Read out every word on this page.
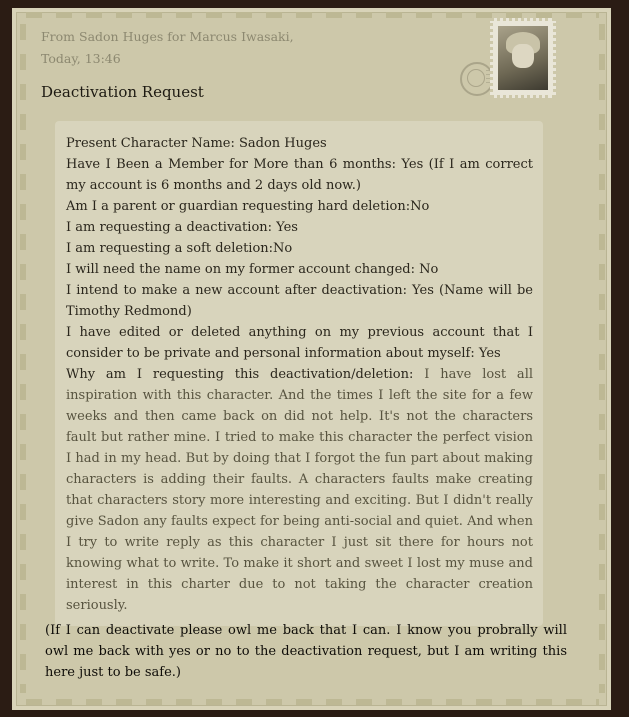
From Sadon Huges for Marcus Iwasaki,
Today, 13:46
Deactivation Request

Present Character Name: Sadon Huges

Have I Been a Member for More than 6 months: Yes (If I am correct my account is 6 months and 2 days old now.)

Am I a parent or guardian requesting hard deletion:No

I am requesting a deactivation: Yes

I am requesting a soft deletion:No

I will need the name on my former account changed: No

I intend to make a new account after deactivation: Yes (Name will be Timothy Redmond)

I have edited or deleted anything on my previous account that I consider to be private and personal information about myself: Yes

Why am I requesting this deactivation/deletion: I have lost all inspiration with this character. And the times I left the site for a few weeks and then came back on did not help. It's not the characters fault but rather mine. I tried to make this character the perfect vision I had in my head. But by doing that I forgot the fun part about making characters is adding their faults. A characters faults make creating that characters story more interesting and exciting. But I didn't really give Sadon any faults expect for being anti-social and quiet. And when I try to write reply as this character I just sit there for hours not knowing what to write. To make it short and sweet I lost my muse and interest in this charter due to not taking the character creation seriously.

(If I can deactivate please owl me back that I can. I know you probrally will owl me back with yes or no to the deactivation request, but I am writing this here just to be safe.)
